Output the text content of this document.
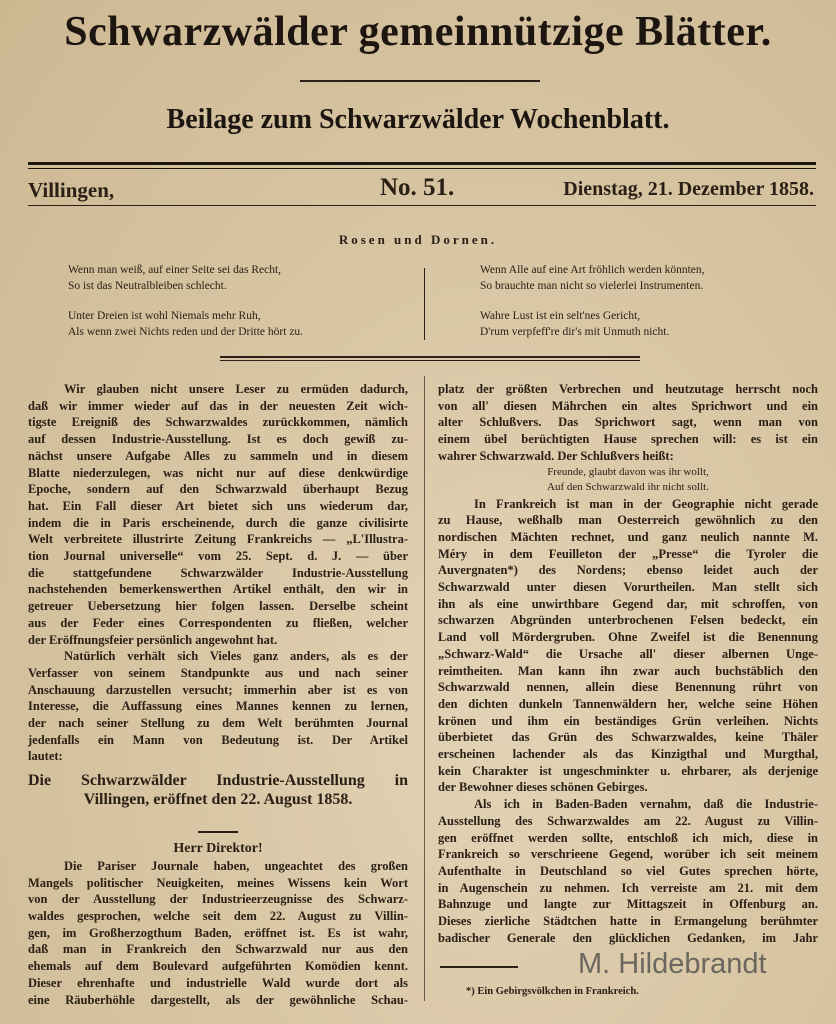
Schwarzwälder gemeinnützige Blätter.
Beilage zum Schwarzwälder Wochenblatt.
Villingen,	No. 51.	Dienstag, 21. Dezember 1858.
Rosen und Dornen.
Wenn man weiß, auf einer Seite sei das Recht,
So ist das Neutralbleiben schlecht.
Unter Dreien ist wohl Niemals mehr Ruh,
Als wenn zwei Nichts reden und der Dritte hört zu.
Wenn Alle auf eine Art fröhlich werden könnten,
So brauchte man nicht so vielerlei Instrumenten.
Wahre Lust ist ein selt'nes Gericht,
D'rum verpfeff're dir's mit Unmuth nicht.
Wir glauben nicht unsere Leser zu ermüden dadurch,
daß wir immer wieder auf das in der neuesten Zeit wich-
tigste Ereigniß des Schwarzwaldes zurückkommen, nämlich
auf dessen Industrie-Ausstellung. Ist es doch gewiß zu-
nächst unsere Aufgabe Alles zu sammeln und in diesem
Blatte niederzulegen, was nicht nur auf diese denkwürdige
Epoche, sondern auf den Schwarzwald überhaupt Bezug
hat. Ein Fall dieser Art bietet sich uns wiederum dar,
indem die in Paris erscheinende, durch die ganze civilisirte
Welt verbreitete illustrirte Zeitung Frankreichs — „L'Illustra-
tion Journal universelle“ vom 25. Sept. d. J. — über
die stattgefundene Schwarzwälder Industrie-Ausstellung
nachstehenden bemerkenswerthen Artikel enthält, den wir in
getreuer Uebersetzung hier folgen lassen. Derselbe scheint
aus der Feder eines Correspondenten zu fließen, welcher
der Eröffnungsfeier persönlich angewohnt hat.
Natürlich verhält sich Vieles ganz anders, als es der
Verfasser von seinem Standpunkte aus und nach seiner
Anschauung darzustellen versucht; immerhin aber ist es von
Interesse, die Auffassung eines Mannes kennen zu lernen,
der nach seiner Stellung zu dem Welt berühmten Journal
jedenfalls ein Mann von Bedeutung ist. Der Artikel
lautet:
Die Schwarzwälder Industrie-Ausstellung in
Villingen, eröffnet den 22. August 1858.
Herr Direktor!
Die Pariser Journale haben, ungeachtet des großen
Mangels politischer Neuigkeiten, meines Wissens kein Wort
von der Ausstellung der Industrieerzeugnisse des Schwarz-
waldes gesprochen, welche seit dem 22. August zu Villin-
gen, im Großherzogthum Baden, eröffnet ist. Es ist wahr,
daß man in Frankreich den Schwarzwald nur aus den
ehemals auf dem Boulevard aufgeführten Komödien kennt.
Dieser ehrenhafte und industrielle Wald wurde dort als
eine Räuberhöhle dargestellt, als der gewöhnliche Schau-
platz der größten Verbrechen und heutzutage herrscht noch
von all' diesen Mährchen ein altes Sprichwort und ein
alter Schlußvers. Das Sprichwort sagt, wenn man von
einem übel berüchtigten Hause sprechen will: es ist ein
wahrer Schwarzwald. Der Schlußvers heißt:
Freunde, glaubt davon was ihr wollt,
Auf den Schwarzwald ihr nicht sollt.
In Frankreich ist man in der Geographie nicht gerade
zu Hause, weßhalb man Oesterreich gewöhnlich zu den
nordischen Mächten rechnet, und ganz neulich nannte M.
Méry in dem Feuilleton der „Presse“ die Tyroler die
Auvergnaten*) des Nordens; ebenso leidet auch der
Schwarzwald unter diesen Vorurtheilen. Man stellt sich
ihn als eine unwirthbare Gegend dar, mit schroffen, von
schwarzen Abgründen unterbrochenen Felsen bedeckt, ein
Land voll Mördergruben. Ohne Zweifel ist die Benennung
„Schwarz-Wald“ die Ursache all' dieser albernen Unge-
reimtheiten. Man kann ihn zwar auch buchstäblich den
Schwarzwald nennen, allein diese Benennung rührt von
den dichten dunkeln Tannenwäldern her, welche seine Höhen
krönen und ihm ein beständiges Grün verleihen. Nichts
überbietet das Grün des Schwarzwaldes, keine Thäler
erscheinen lachender als das Kinzigthal und Murgthal,
kein Charakter ist ungeschminkter u. ehrbarer, als derjenige
der Bewohner dieses schönen Gebirges.
Als ich in Baden-Baden vernahm, daß die Industrie-
Ausstellung des Schwarzwaldes am 22. August zu Villin-
gen eröffnet werden sollte, entschloß ich mich, diese in
Frankreich so verschrieene Gegend, worüber ich seit meinem
Aufenthalte in Deutschland so viel Gutes sprechen hörte,
in Augenschein zu nehmen. Ich verreiste am 21. mit dem
Bahnzuge und langte zur Mittagszeit in Offenburg an.
Dieses zierliche Städtchen hatte in Ermangelung berühmter
badischer Generale den glücklichen Gedanken, im Jahr
*) Ein Gebirgsvölkchen in Frankreich.
M. Hildebrandt
